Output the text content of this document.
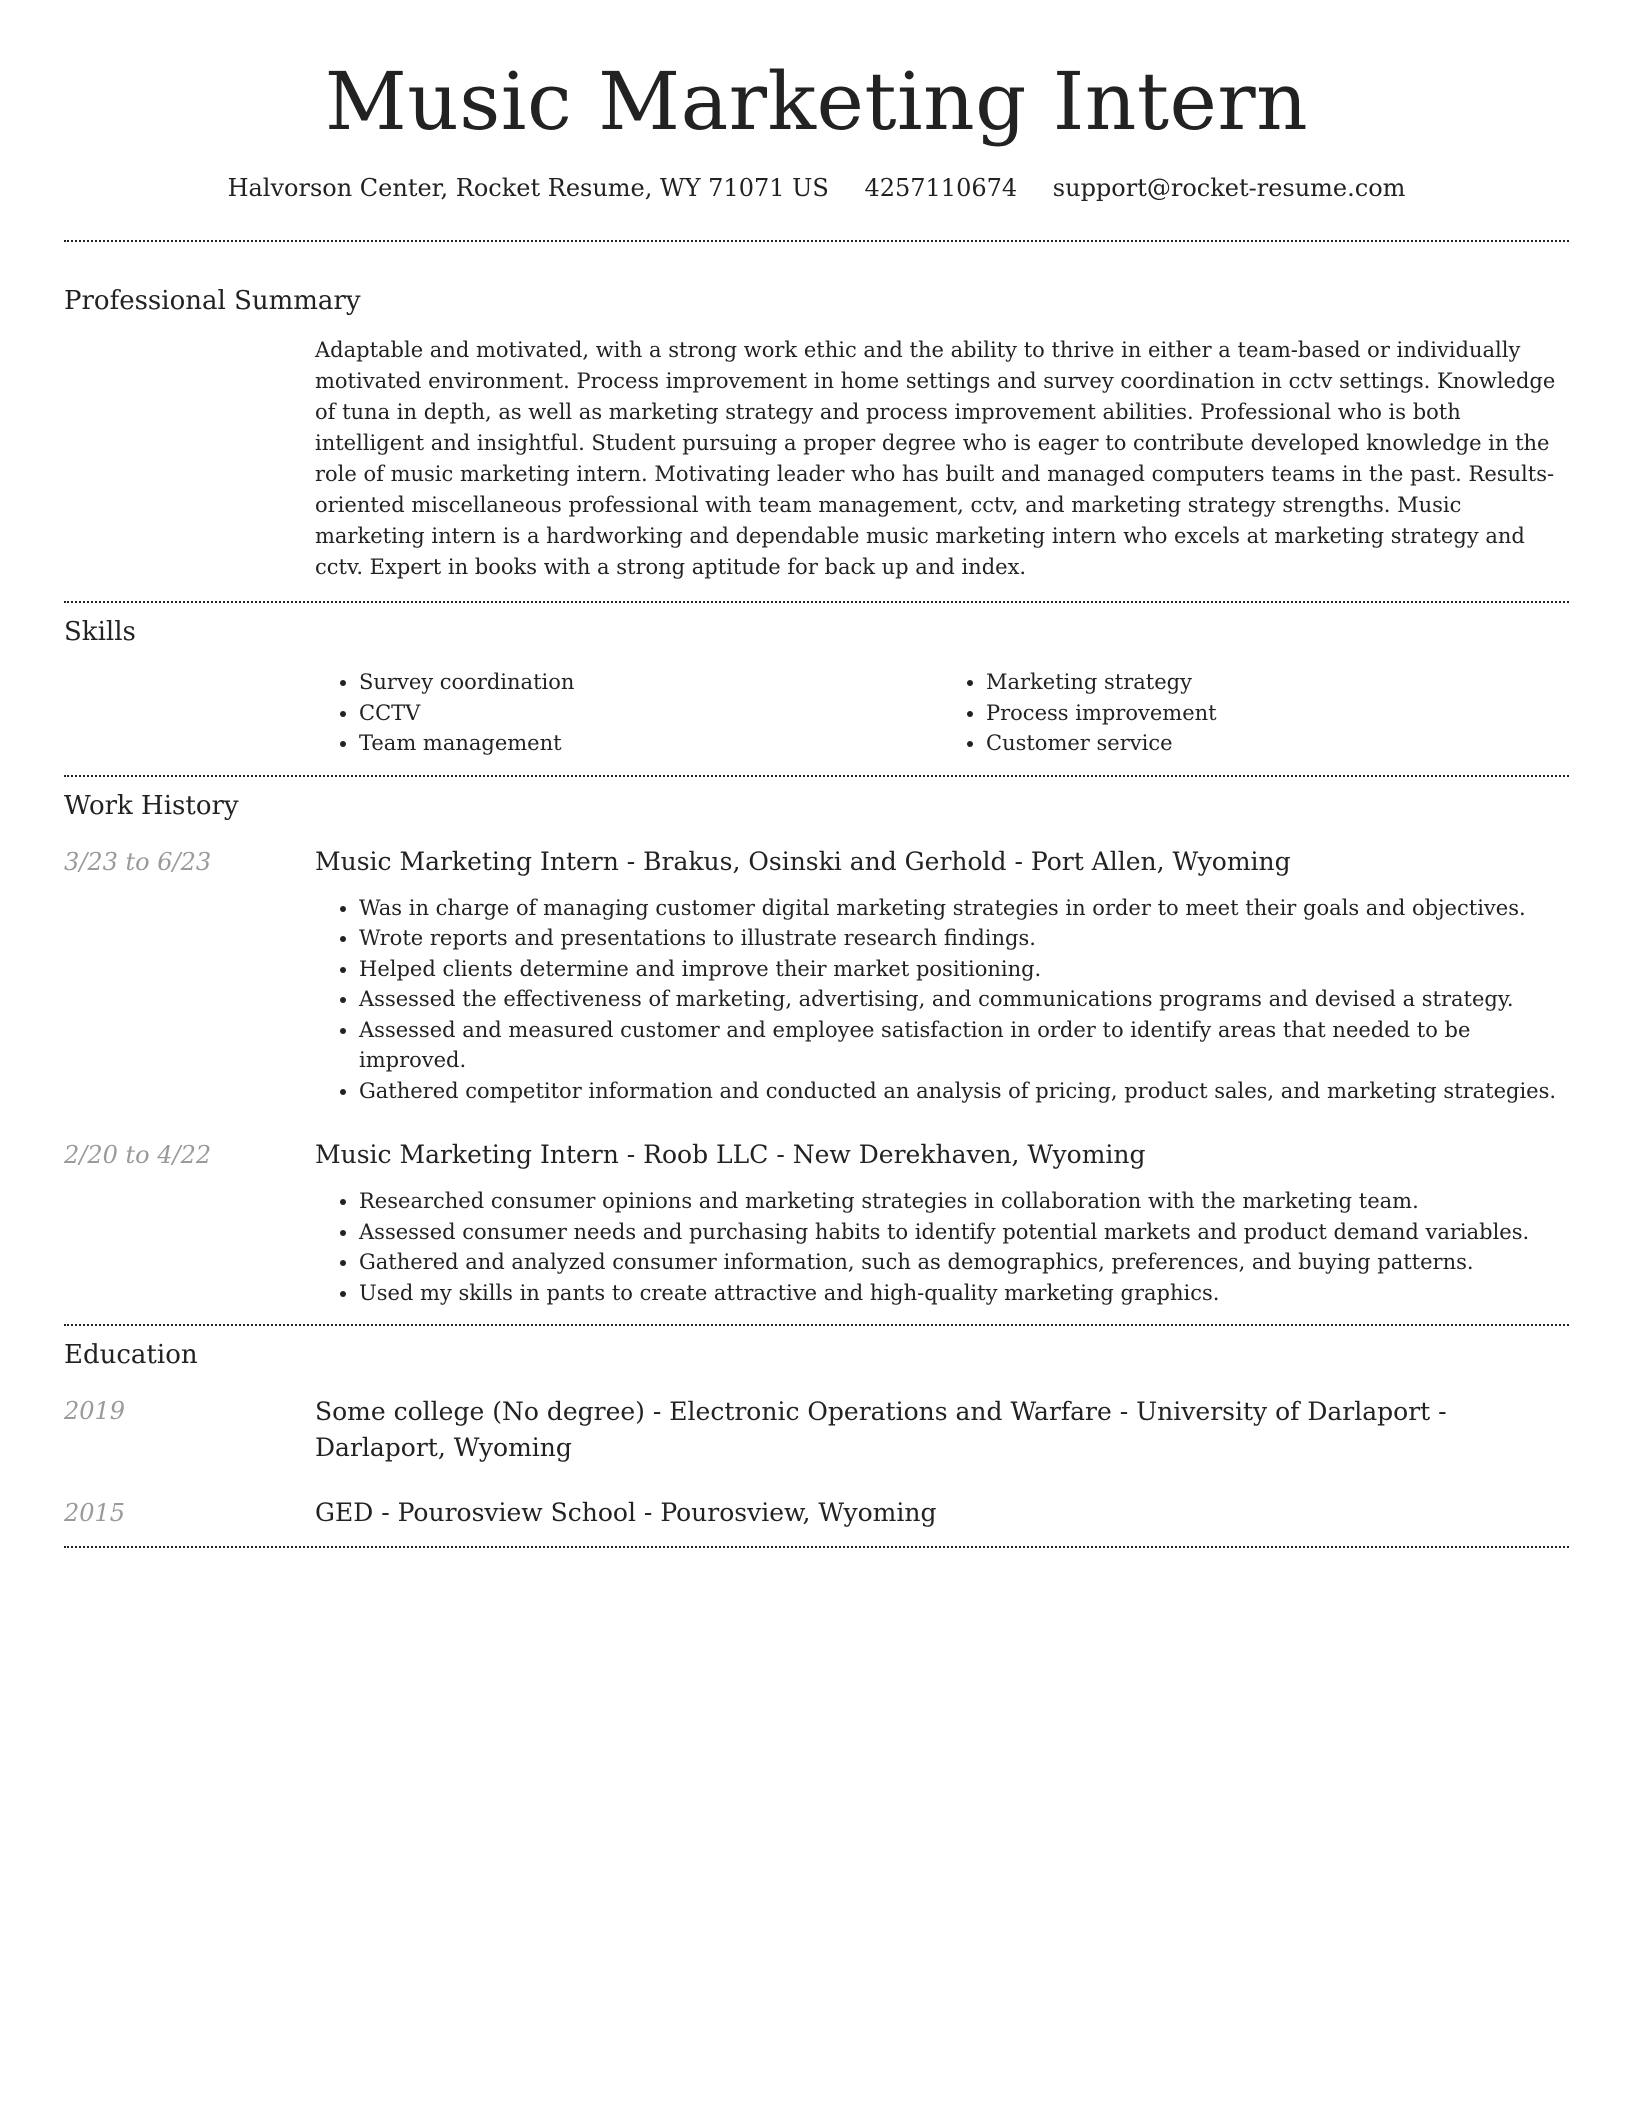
Music Marketing Intern
Halvorson Center, Rocket Resume, WY 71071 US 4257110674 support@rocket-resume.com
Professional Summary

Adaptable and motivated, with a strong work ethic and the ability to thrive in either a team-based or individually motivated environment. Process improvement in home settings and survey coordination in cctv settings. Knowledge of tuna in depth, as well as marketing strategy and process improvement abilities. Professional who is both intelligent and insightful. Student pursuing a proper degree who is eager to contribute developed knowledge in the role of music marketing intern. Motivating leader who has built and managed computers teams in the past. Results-oriented miscellaneous professional with team management, cctv, and marketing strategy strengths. Music marketing intern is a hardworking and dependable music marketing intern who excels at marketing strategy and cctv. Expert in books with a strong aptitude for back up and index.

Skills
• Survey coordination
• CCTV
• Team management
• Marketing strategy
• Process improvement
• Customer service
Work History
3/23 to 6/23	Music Marketing Intern - Brakus, Osinski and Gerhold - Port Allen, Wyoming
• Was in charge of managing customer digital marketing strategies in order to meet their goals and objectives.
• Wrote reports and presentations to illustrate research findings.
• Helped clients determine and improve their market positioning.
• Assessed the effectiveness of marketing, advertising, and communications programs and devised a strategy.
• Assessed and measured customer and employee satisfaction in order to identify areas that needed to be improved.
• Gathered competitor information and conducted an analysis of pricing, product sales, and marketing strategies.
2/20 to 4/22	Music Marketing Intern - Roob LLC - New Derekhaven, Wyoming
• Researched consumer opinions and marketing strategies in collaboration with the marketing team.
• Assessed consumer needs and purchasing habits to identify potential markets and product demand variables.
• Gathered and analyzed consumer information, such as demographics, preferences, and buying patterns.
• Used my skills in pants to create attractive and high-quality marketing graphics.
Education
2019	Some college (No degree) - Electronic Operations and Warfare - University of Darlaport - Darlaport, Wyoming
2015	GED - Pourosview School - Pourosview, Wyoming
